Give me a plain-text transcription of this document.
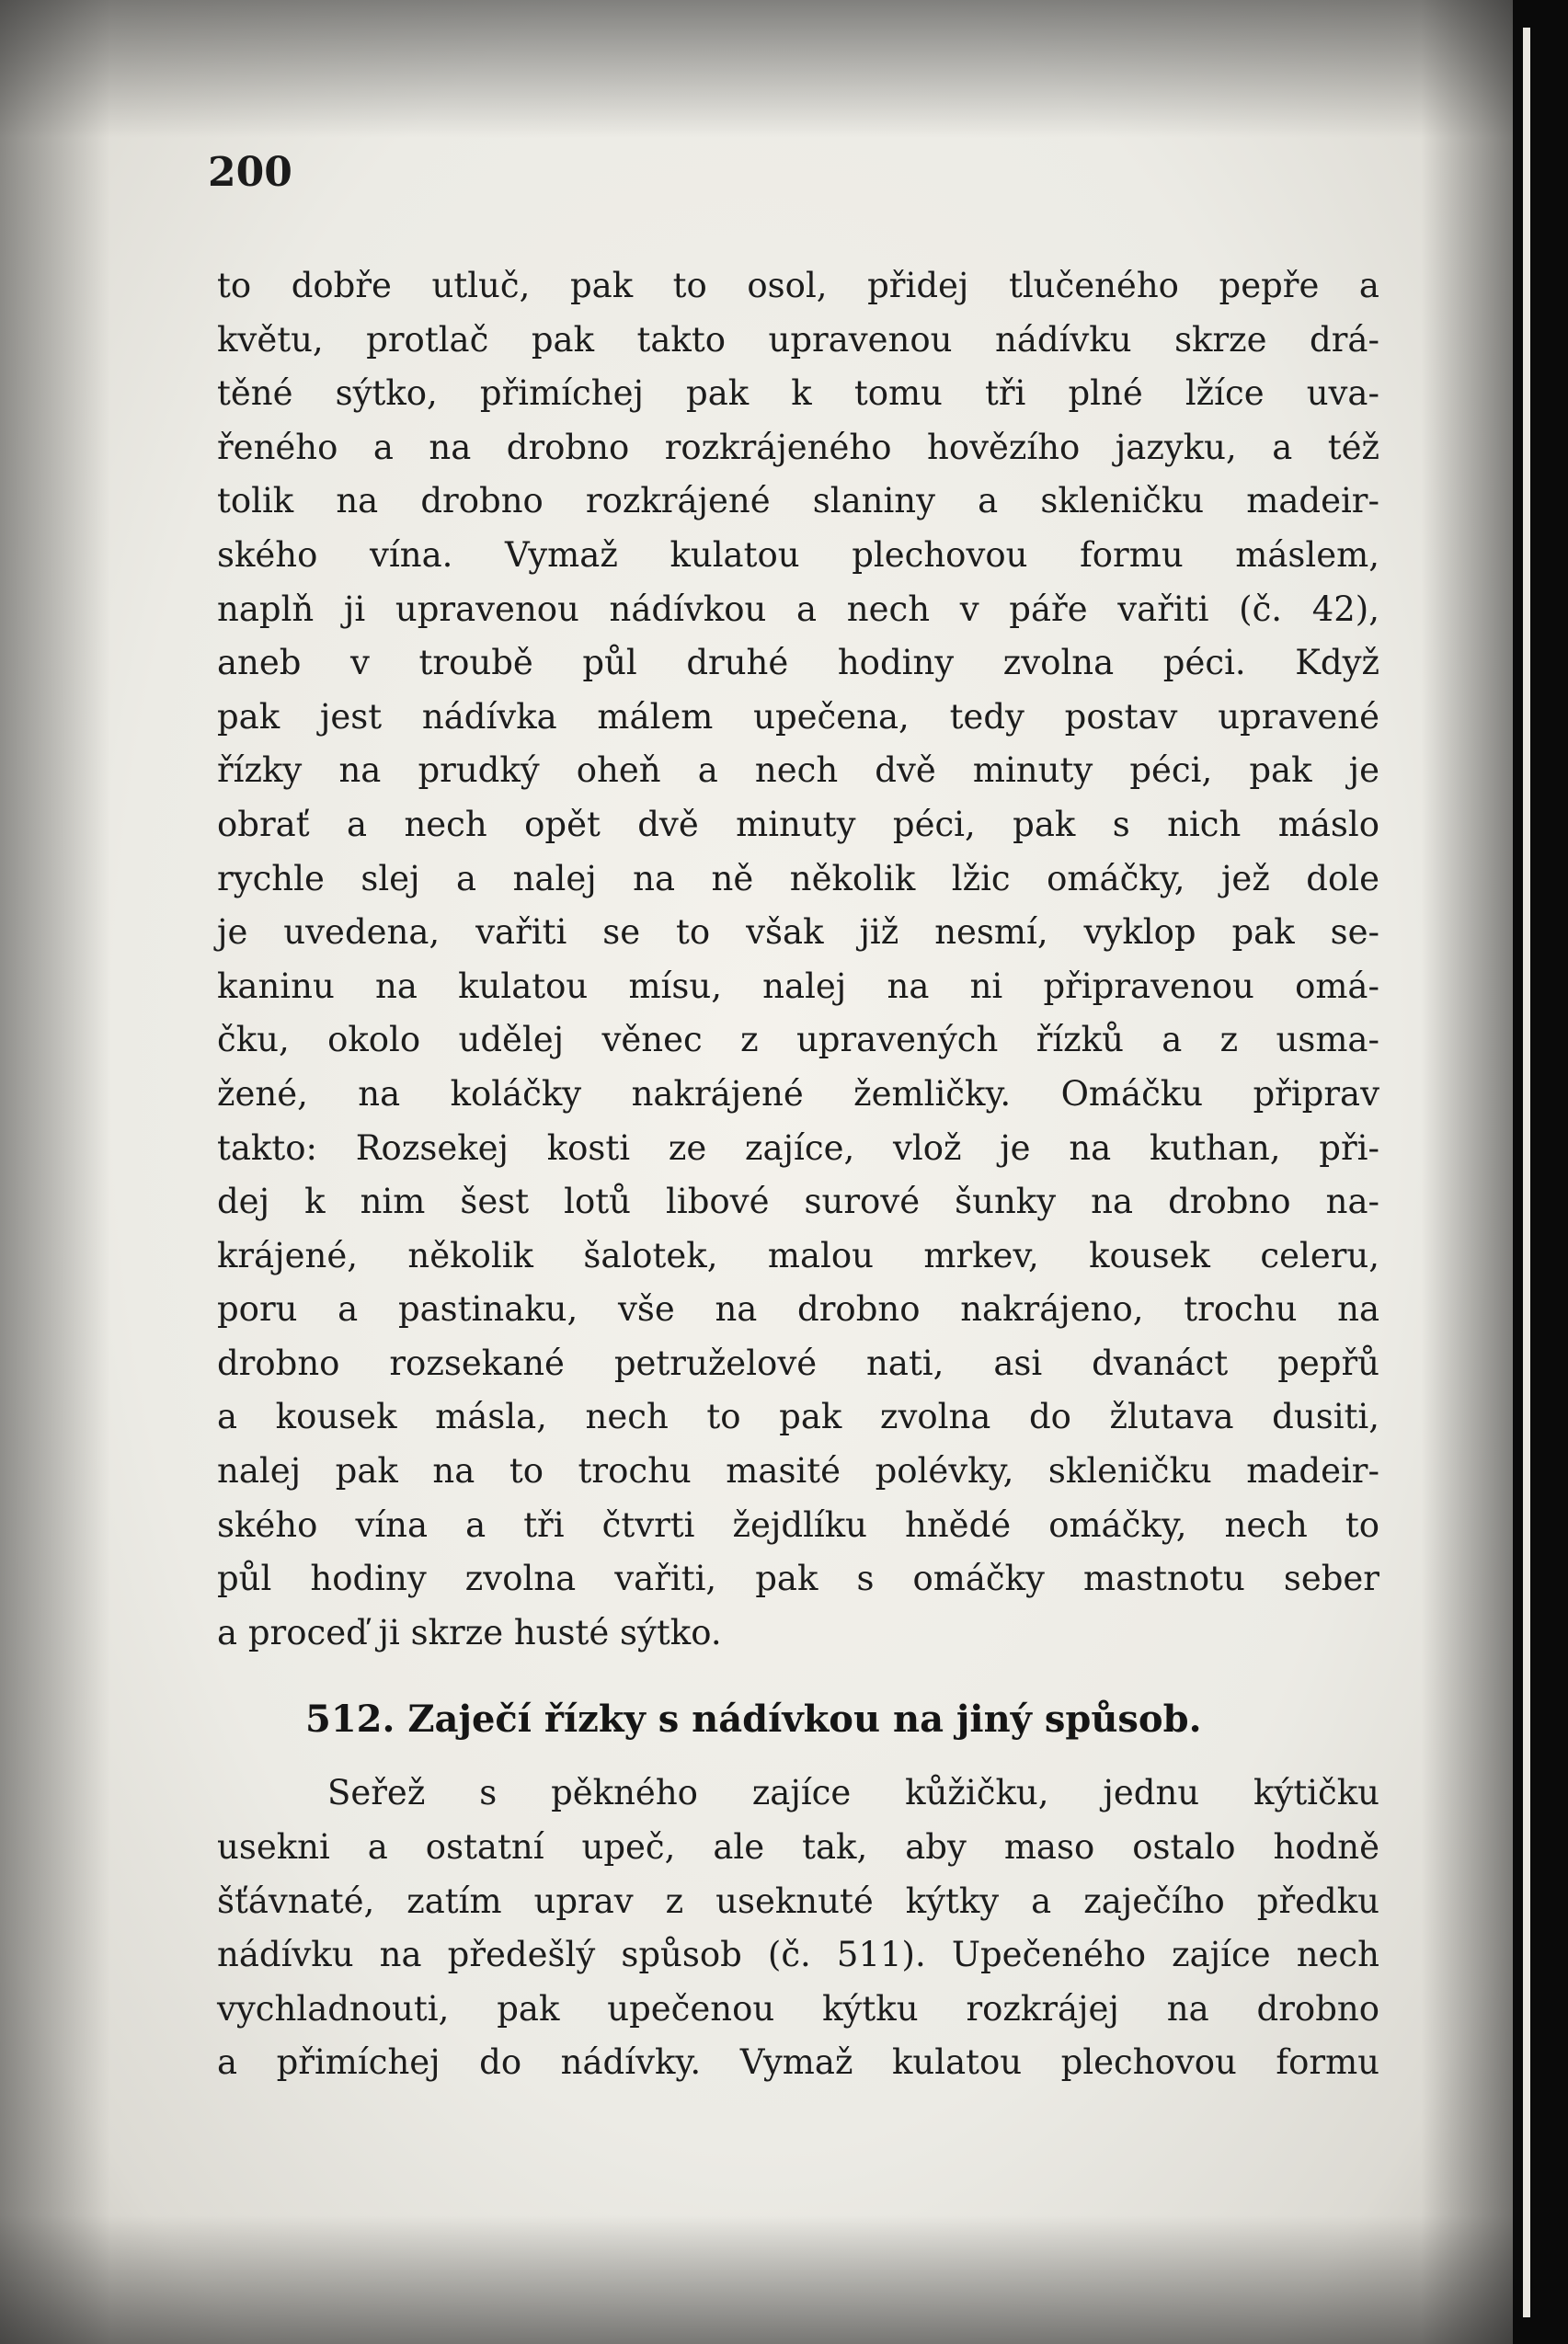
200

to dobře utluč, pak to osol, přidej tlučeného pepře a
květu, protlač pak takto upravenou nádívku skrze drá-
těné sýtko, přimíchej pak k tomu tři plné lžíce uva-
řeného a na drobno rozkrájeného hovězího jazyku, a též
tolik na drobno rozkrájené slaniny a skleničku madeir-
ského vína. Vymaž kulatou plechovou formu máslem,
naplň ji upravenou nádívkou a nech v páře vařiti (č. 42),
aneb v troubě půl druhé hodiny zvolna péci. Když
pak jest nádívka málem upečena, tedy postav upravené
řízky na prudký oheň a nech dvě minuty péci, pak je
obrať a nech opět dvě minuty péci, pak s nich máslo
rychle slej a nalej na ně několik lžic omáčky, jež dole
je uvedena, vařiti se to však již nesmí, vyklop pak se-
kaninu na kulatou mísu, nalej na ni připravenou omá-
čku, okolo udělej věnec z upravených řízků a z usma-
žené, na koláčky nakrájené žemličky. Omáčku připrav
takto: Rozsekej kosti ze zajíce, vlož je na kuthan, při-
dej k nim šest lotů libové surové šunky na drobno na-
krájené, několik šalotek, malou mrkev, kousek celeru,
poru a pastinaku, vše na drobno nakrájeno, trochu na
drobno rozsekané petruželové nati, asi dvanáct pepřů
a kousek másla, nech to pak zvolna do žlutava dusiti,
nalej pak na to trochu masité polévky, skleničku madeir-
ského vína a tři čtvrti žejdlíku hnědé omáčky, nech to
půl hodiny zvolna vařiti, pak s omáčky mastnotu seber
a proceď ji skrze husté sýtko.
512. Zaječí řízky s nádívkou na jiný spůsob.
Seřež s pěkného zajíce kůžičku, jednu kýtičku
usekni a ostatní upeč, ale tak, aby maso ostalo hodně
šťávnaté, zatím uprav z useknuté kýtky a zaječího předku
nádívku na předešlý spůsob (č. 511). Upečeného zajíce nech
vychladnouti, pak upečenou kýtku rozkrájej na drobno
a přimíchej do nádívky. Vymaž kulatou plechovou formu
